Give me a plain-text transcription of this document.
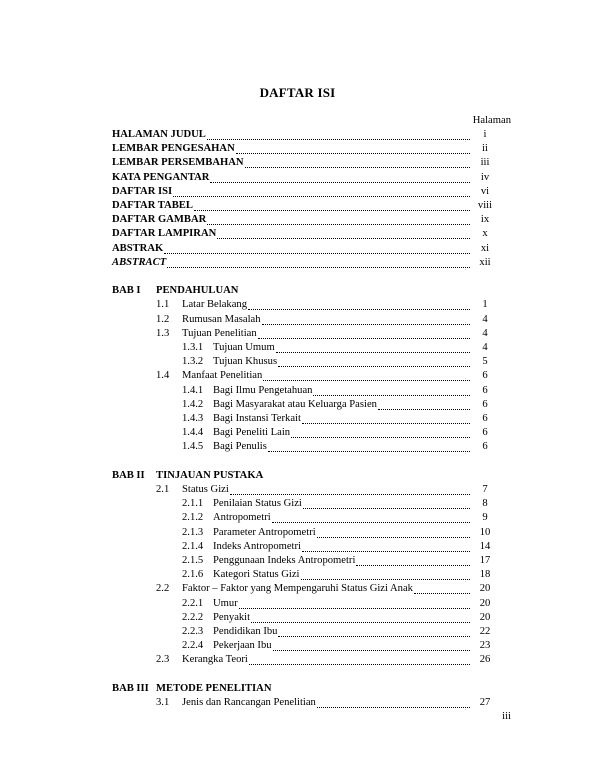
DAFTAR ISI
Halaman
HALAMAN JUDUL	i
LEMBAR PENGESAHAN	ii
LEMBAR PERSEMBAHAN	iii
KATA PENGANTAR	iv
DAFTAR ISI	vi
DAFTAR TABEL	viii
DAFTAR GAMBAR	ix
DAFTAR LAMPIRAN	x
ABSTRAK	xi
ABSTRACT	xii
BAB I PENDAHULUAN
1.1 Latar Belakang	1
1.2 Rumusan Masalah	4
1.3 Tujuan Penelitian	4
1.3.1 Tujuan Umum	4
1.3.2 Tujuan Khusus	5
1.4 Manfaat Penelitian	6
1.4.1 Bagi Ilmu Pengetahuan	6
1.4.2 Bagi Masyarakat atau Keluarga Pasien	6
1.4.3 Bagi Instansi Terkait	6
1.4.4 Bagi Peneliti Lain	6
1.4.5 Bagi Penulis	6
BAB II TINJAUAN PUSTAKA
2.1 Status Gizi	7
2.1.1 Penilaian Status Gizi	8
2.1.2 Antropometri	9
2.1.3 Parameter Antropometri	10
2.1.4 Indeks Antropometri	14
2.1.5 Penggunaan Indeks Antropometri	17
2.1.6 Kategori Status Gizi	18
2.2 Faktor – Faktor yang Mempengaruhi Status Gizi Anak	20
2.2.1 Umur	20
2.2.2 Penyakit	20
2.2.3 Pendidikan Ibu	22
2.2.4 Pekerjaan Ibu	23
2.3 Kerangka Teori	26
BAB III METODE PENELITIAN
3.1 Jenis dan Rancangan Penelitian	27
iii
